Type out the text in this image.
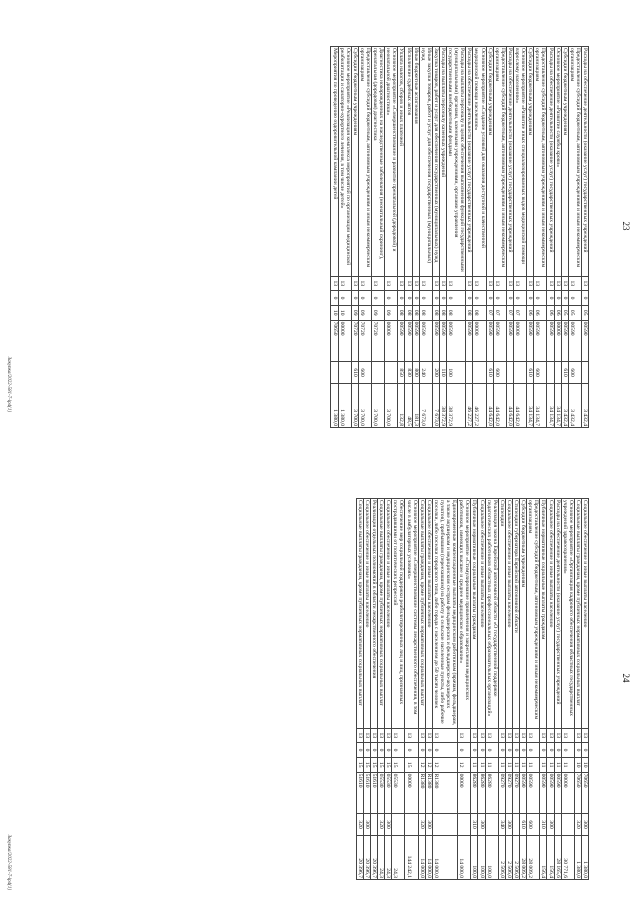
23
Расходы на обеспечение деятельности (оказание услуг) государственных учреждений	13	0	05	00590		3 432,4
Предоставление субсидий бюджетным, автономным учреждениям и иным некоммерческим организациям	13	0	05	00590	600	3 432,4
Субсидии бюджетным учреждениям	13	0	05	00590	610	3 432,4
Основное мероприятие «Развитие службы крови»	13	0	06	00000		34 134,7
Расходы на обеспечение деятельности (оказание услуг) государственных учреждений	13	0	06	00590		34 134,7
Предоставление субсидий бюджетным, автономным учреждениям и иным некоммерческим организациям	13	0	06	00590	600	34 134,7
Субсидии бюджетным учреждениям	13	0	06	00590	610	34 134,7
Основное мероприятие «Развитие иных специализированных видов медицинской помощи взрослому населению»	13	0	07	00000		44 642,0
Расходы на обеспечение деятельности (оказание услуг) государственных учреждений	13	0	07	00590		44 642,0
Предоставление субсидий бюджетным, автономным учреждениям и иным некоммерческим организациям	13	0	07	00590	600	44 642,0
Субсидии бюджетным учреждениям	13	0	07	00590	610	44 642,0
Основное мероприятие «Создание условий для оказания доступной и качественной медицинской помощи населению»	13	0	08	00000		46 227,2
Расходы на обеспечение деятельности (оказание услуг) государственных учреждений	13	0	08	00590		46 227,2
Расходы на выплаты персоналу в целях обеспечения выполнения функций государственными (муниципальными) органами, казенными учреждениями, органами управления государственными внебюджетными фондами	13	0	08	00590	100	38 372,9
Расходы на выплаты персоналу казенных учреждений	13	0	08	00590	110	38 372,9
Закупка товаров, работ и услуг для обеспечения государственных (муниципальных) нужд	13	0	08	00590	200	7 673,0
Иные закупки товаров, работ и услуг для обеспечения государственных (муниципальных) нужд	13	0	08	00590	240	7 673,0
Иные бюджетные ассигнования	13	0	08	00590	800	181,3
Исполнение судебных актов	13	0	08	00590	830	48,5
Уплата налогов, сборов и иных платежей	13	0	08	00590	850	132,8
Основное мероприятие «Совершенствование и развитие пренатальной (дородовой) и неонатальной диагностики»	13	0	09	00000		3 700,0
Диагностика новорожденных на наследственные заболевания (неонатальный скрининг), пренатальная (дородовая) диагностика	13	0	09	70720		3 700,0
Предоставление субсидий бюджетным, автономным учреждениям и иным некоммерческим организациям	13	0	09	70720	600	3 700,0
Субсидии бюджетным учреждениям	13	0	09	70720	610	3 700,0
Основное мероприятие «Реализация комплекса мероприятий по организации медицинской реабилитации и санаторно-курортного лечения, в том числе детей»	13	0	10	00000		1 380,0
Мероприятия по проведению оздоровительной кампании детей	13	0	10	70650		1 380,0
Закупка/2022-581-7-lр4(1)
24
Социальное обеспечение и иные выплаты населению	13	0	10	70650	300	1 380,0
Социальные выплаты гражданам, кроме публичных нормативных социальных выплат	13	0	10	70650	320	1 380,0
Основное мероприятие «Организация кадрового обеспечения областных государственных учреждений здравоохранения»	13	0	11	00000		30 771,6
Расходы на обеспечение деятельности (оказание услуг) государственных учреждений	13	0	11	00590		28 165,6
Социальное обеспечение и иные выплаты населению	13	0	11	00590	300	156,4
Публичные нормативные социальные выплаты гражданам	13	0	11	00590	310	156,4
Предоставление субсидий бюджетным, автономным учреждениям и иным некоммерческим организациям	13	0	11	00590	600	28 009,2
Субсидии бюджетным учреждениям	13	0	11	00590	610	28 009,2
Стипендии губернатора Еврейской автономной области	13	0	11	09270		2 506,0
Социальное обеспечение и иные выплаты населению	13	0	11	09270	300	2 506,0
Стипендии	13	0	11	09270	340	2 506,0
Реализация закона Еврейской автономной области «О государственной поддержке педагогических работников областных профессиональных образовательных организаций»	13	0	11	86280		100,0
Социальное обеспечение и иные выплаты населению	13	0	11	86280	300	100,0
Публичные нормативные социальные выплаты гражданам	13	0	11	86280	310	100,0
Основное мероприятие «Стимулирование привлечения и закрепления медицинских работников, имеющих высшее и среднее медицинское образование»	13	0	12	00000		14 000,0
Единовременные компенсационные выплаты медицинским работникам (врачам, фельдшерам, а также акушеркам и медицинским сестрам фельдшерских и фельдшерско-акушерских пунктов), прибывшим (переехавшим) на работу в сельские населенные пункты, либо рабочие поселки, либо поселки городского типа, либо города с населением до 50 тысяч человек	13	0	12	R1380		14 000,0
Социальное обеспечение и иные выплаты населению	13	0	12	R1380	300	14 000,0
Социальные выплаты гражданам, кроме публичных нормативных социальных выплат	13	0	12	R1380	320	14 000,0
Основное мероприятие «Совершенствование системы лекарственного обеспечения, в том числе в амбулаторных условиях»	13	0	15	00000		144 242,1
Обеспечение мер социальной поддержки реабилитированных лиц и лиц, признанных пострадавшими от политических репрессий	13	0	15	05530		24,3
Социальное обеспечение и иные выплаты населению	13	0	15	05530	300	24,3
Социальные выплаты гражданам, кроме публичных нормативных социальных выплат	13	0	15	05530	320	24,3
Реализация отдельных полномочий в области лекарственного обеспечения	13	0	15	51610		20 396,7
Социальное обеспечение и иные выплаты населению	13	0	15	51610	300	20 396,7
Социальные выплаты гражданам, кроме публичных нормативных социальных выплат	13	0	15	51610	320	20 396,7
Закупка/2022-581-7-lр4(1)
